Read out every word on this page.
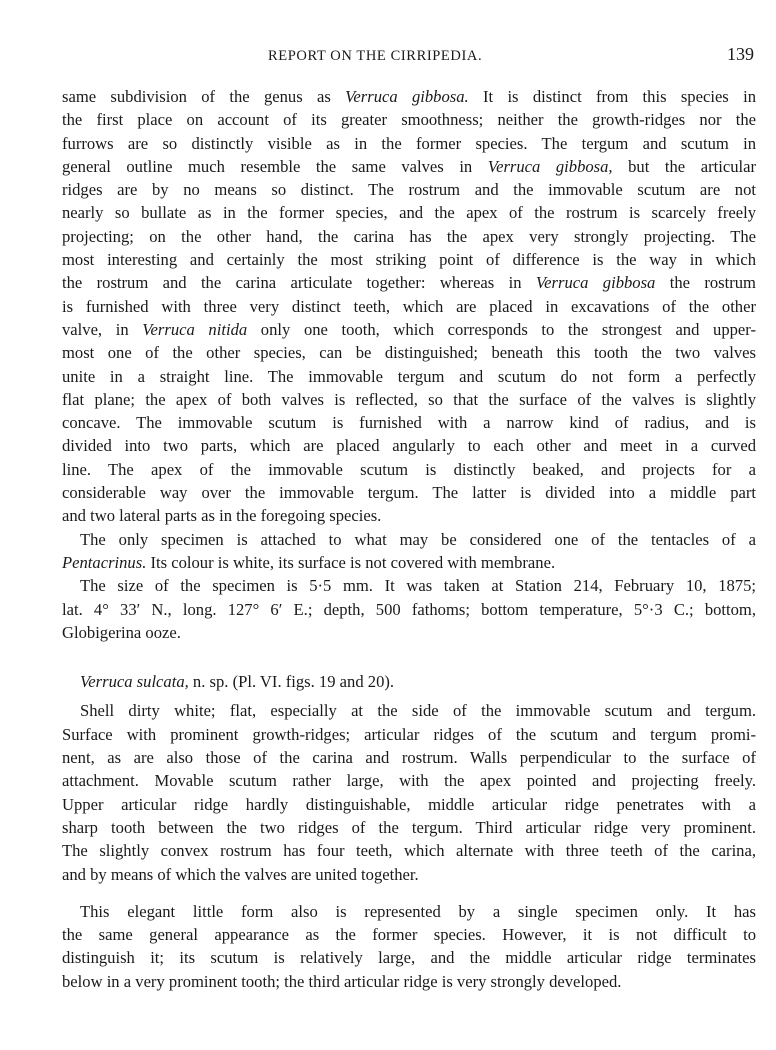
REPORT ON THE CIRRIPEDIA.	139
same subdivision of the genus as Verruca gibbosa. It is distinct from this species in
the first place on account of its greater smoothness; neither the growth-ridges nor the
furrows are so distinctly visible as in the former species. The tergum and scutum in
general outline much resemble the same valves in Verruca gibbosa, but the articular
ridges are by no means so distinct. The rostrum and the immovable scutum are not
nearly so bullate as in the former species, and the apex of the rostrum is scarcely freely
projecting; on the other hand, the carina has the apex very strongly projecting. The
most interesting and certainly the most striking point of difference is the way in which
the rostrum and the carina articulate together: whereas in Verruca gibbosa the rostrum
is furnished with three very distinct teeth, which are placed in excavations of the other
valve, in Verruca nitida only one tooth, which corresponds to the strongest and upper-
most one of the other species, can be distinguished; beneath this tooth the two valves
unite in a straight line. The immovable tergum and scutum do not form a perfectly
flat plane; the apex of both valves is reflected, so that the surface of the valves is slightly
concave. The immovable scutum is furnished with a narrow kind of radius, and is
divided into two parts, which are placed angularly to each other and meet in a curved
line. The apex of the immovable scutum is distinctly beaked, and projects for a
considerable way over the immovable tergum. The latter is divided into a middle part
and two lateral parts as in the foregoing species.
The only specimen is attached to what may be considered one of the tentacles of a
Pentacrinus. Its colour is white, its surface is not covered with membrane.
The size of the specimen is 5·5 mm. It was taken at Station 214, February 10, 1875;
lat. 4° 33′ N., long. 127° 6′ E.; depth, 500 fathoms; bottom temperature, 5°·3 C.; bottom,
Globigerina ooze.
Verruca sulcata, n. sp. (Pl. VI. figs. 19 and 20).
Shell dirty white; flat, especially at the side of the immovable scutum and tergum.
Surface with prominent growth-ridges; articular ridges of the scutum and tergum promi-
nent, as are also those of the carina and rostrum. Walls perpendicular to the surface of
attachment. Movable scutum rather large, with the apex pointed and projecting freely.
Upper articular ridge hardly distinguishable, middle articular ridge penetrates with a
sharp tooth between the two ridges of the tergum. Third articular ridge very prominent.
The slightly convex rostrum has four teeth, which alternate with three teeth of the carina,
and by means of which the valves are united together.
This elegant little form also is represented by a single specimen only. It has
the same general appearance as the former species. However, it is not difficult to
distinguish it; its scutum is relatively large, and the middle articular ridge terminates
below in a very prominent tooth; the third articular ridge is very strongly developed.
